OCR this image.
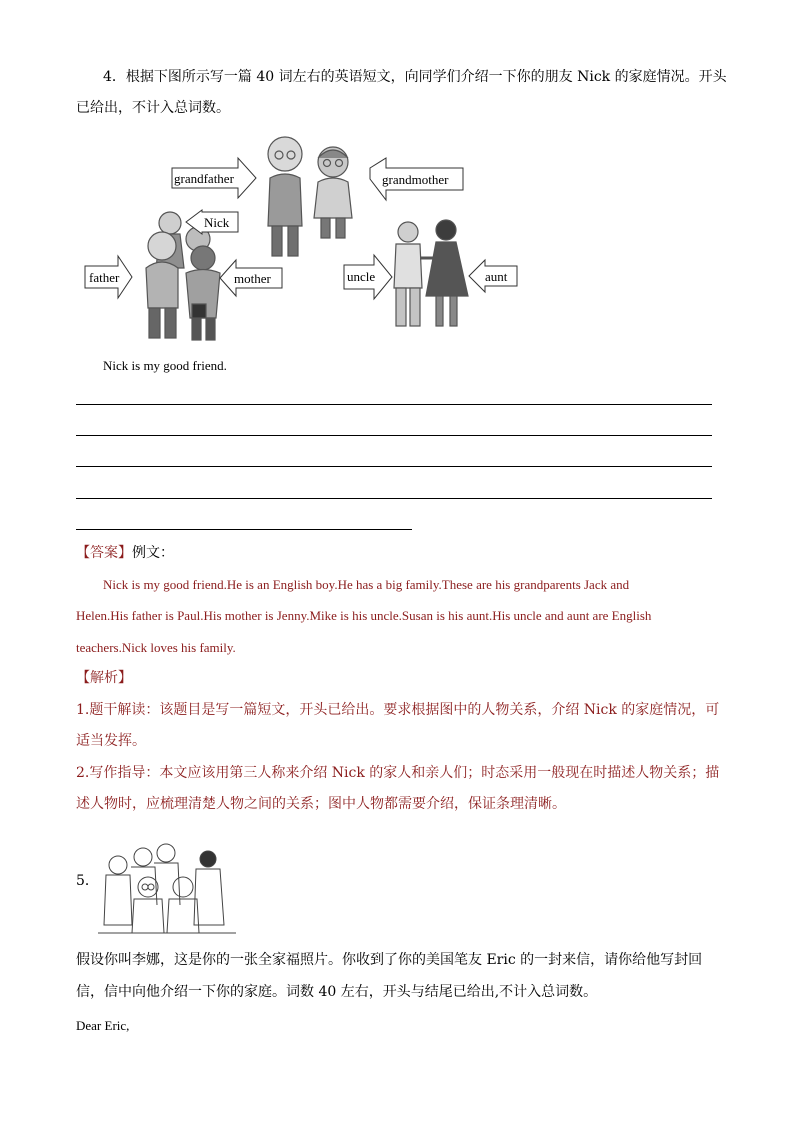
4．根据下图所示写一篇 40 词左右的英语短文，向同学们介绍一下你的朋友 Nick 的家庭情况。开头
已给出，不计入总词数。
grandfather	grandmother
Nick
father	mother	uncle	aunt
Nick is my good friend.
【答案】例文：
Nick is my good friend.He is an English boy.He has a big family.These are his grandparents Jack and
Helen.His father is Paul.His mother is Jenny.Mike is his uncle.Susan is his aunt.His uncle and aunt are English
teachers.Nick loves his family.
【解析】
1.题干解读：该题目是写一篇短文，开头已给出。要求根据图中的人物关系，介绍 Nick 的家庭情况，可
适当发挥。
2.写作指导：本文应该用第三人称来介绍 Nick 的家人和亲人们；时态采用一般现在时描述人物关系；描
述人物时，应梳理清楚人物之间的关系；图中人物都需要介绍，保证条理清晰。
5．
假设你叫李娜，这是你的一张全家福照片。你收到了你的美国笔友 Eric 的一封来信，请你给他写封回
信，信中向他介绍一下你的家庭。词数 40 左右，开头与结尾已给出,不计入总词数。
Dear Eric,
